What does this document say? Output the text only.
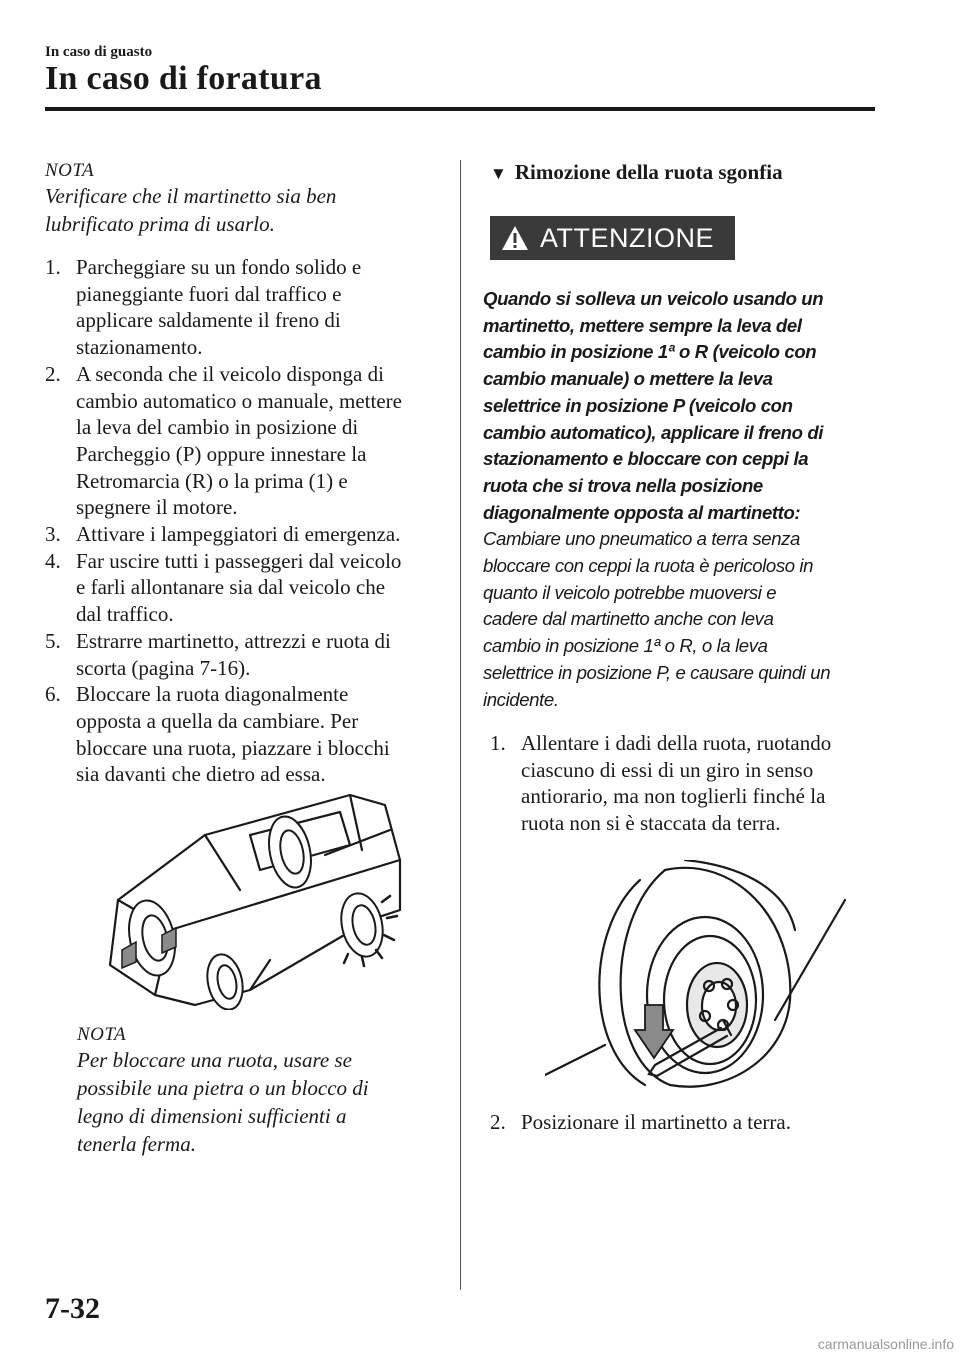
In caso di guasto
In caso di foratura
NOTA
Verificare che il martinetto sia ben
lubrificato prima di usarlo.
1. Parcheggiare su un fondo solido e
pianeggiante fuori dal traffico e
applicare saldamente il freno di
stazionamento.
2. A seconda che il veicolo disponga di
cambio automatico o manuale, mettere
la leva del cambio in posizione di
Parcheggio (P) oppure innestare la
Retromarcia (R) o la prima (1) e
spegnere il motore.
3. Attivare i lampeggiatori di emergenza.
4. Far uscire tutti i passeggeri dal veicolo
e farli allontanare sia dal veicolo che
dal traffico.
5. Estrarre martinetto, attrezzi e ruota di
scorta (pagina 7-16).
6. Bloccare la ruota diagonalmente
opposta a quella da cambiare. Per
bloccare una ruota, piazzare i blocchi
sia davanti che dietro ad essa.
NOTA
Per bloccare una ruota, usare se
possibile una pietra o un blocco di
legno di dimensioni sufficienti a
tenerla ferma.
▼ Rimozione della ruota sgonfia
ATTENZIONE
Quando si solleva un veicolo usando un
martinetto, mettere sempre la leva del
cambio in posizione 1ª o R (veicolo con
cambio manuale) o mettere la leva
selettrice in posizione P (veicolo con
cambio automatico), applicare il freno di
stazionamento e bloccare con ceppi la
ruota che si trova nella posizione
diagonalmente opposta al martinetto:
Cambiare uno pneumatico a terra senza
bloccare con ceppi la ruota è pericoloso in
quanto il veicolo potrebbe muoversi e
cadere dal martinetto anche con leva
cambio in posizione 1ª o R, o la leva
selettrice in posizione P, e causare quindi un
incidente.
1. Allentare i dadi della ruota, ruotando
ciascuno di essi di un giro in senso
antiorario, ma non toglierli finché la
ruota non si è staccata da terra.
2. Posizionare il martinetto a terra.
7-32
carmanualsonline.info
